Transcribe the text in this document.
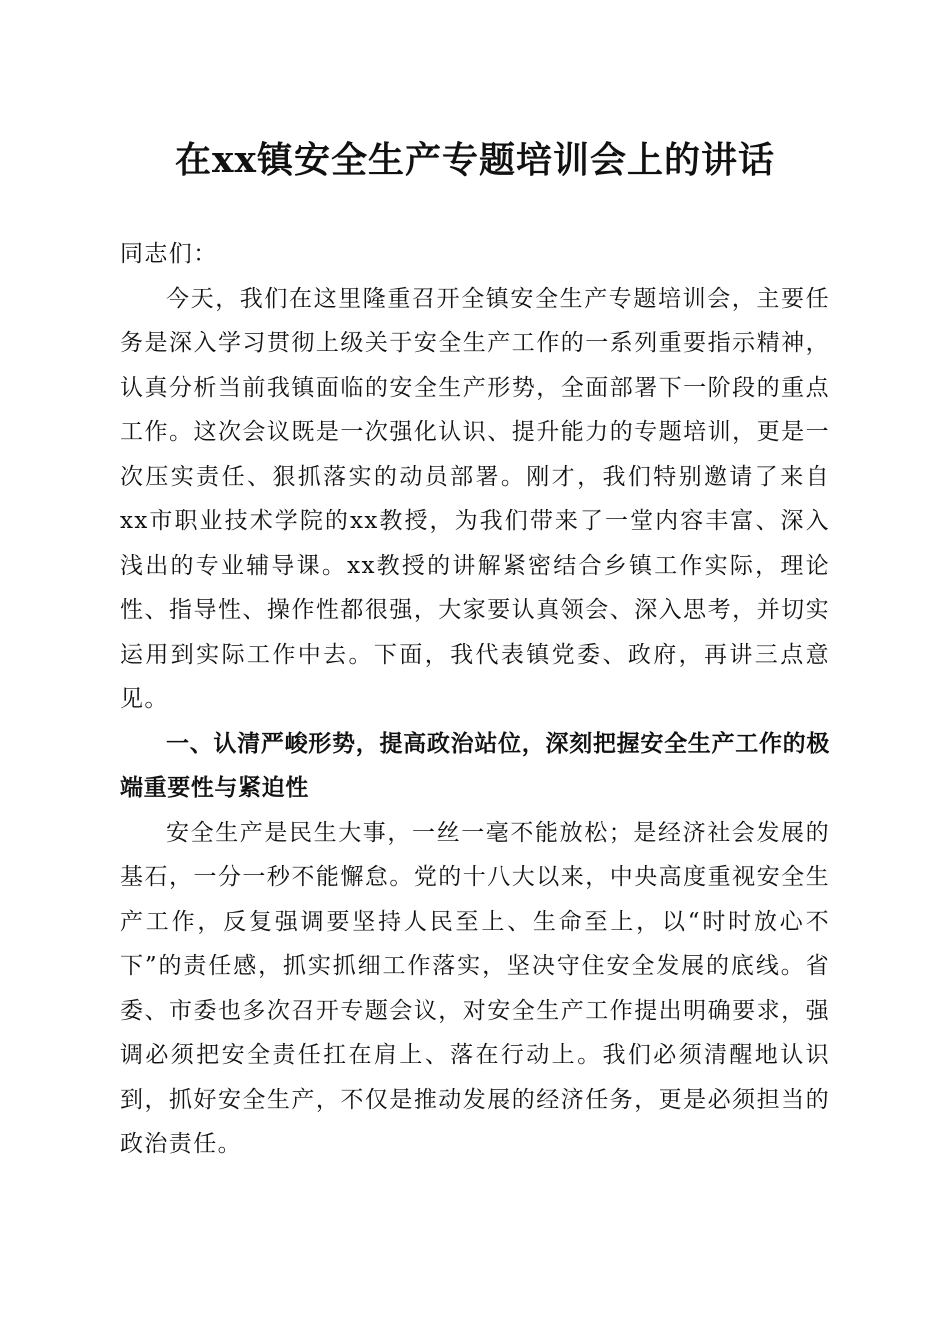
在xx镇安全生产专题培训会上的讲话

同志们：

今天，我们在这里隆重召开全镇安全生产专题培训会，主要任务是深入学习贯彻上级关于安全生产工作的一系列重要指示精神，认真分析当前我镇面临的安全生产形势，全面部署下一阶段的重点工作。这次会议既是一次强化认识、提升能力的专题培训，更是一次压实责任、狠抓落实的动员部署。刚才，我们特别邀请了来自xx市职业技术学院的xx教授，为我们带来了一堂内容丰富、深入浅出的专业辅导课。xx教授的讲解紧密结合乡镇工作实际，理论性、指导性、操作性都很强，大家要认真领会、深入思考，并切实运用到实际工作中去。下面，我代表镇党委、政府，再讲三点意见。

一、认清严峻形势，提高政治站位，深刻把握安全生产工作的极端重要性与紧迫性

安全生产是民生大事，一丝一毫不能放松；是经济社会发展的基石，一分一秒不能懈怠。党的十八大以来，中央高度重视安全生产工作，反复强调要坚持人民至上、生命至上，以“时时放心不下”的责任感，抓实抓细工作落实，坚决守住安全发展的底线。省委、市委也多次召开专题会议，对安全生产工作提出明确要求，强调必须把安全责任扛在肩上、落在行动上。我们必须清醒地认识到，抓好安全生产，不仅是推动发展的经济任务，更是必须担当的政治责任。
